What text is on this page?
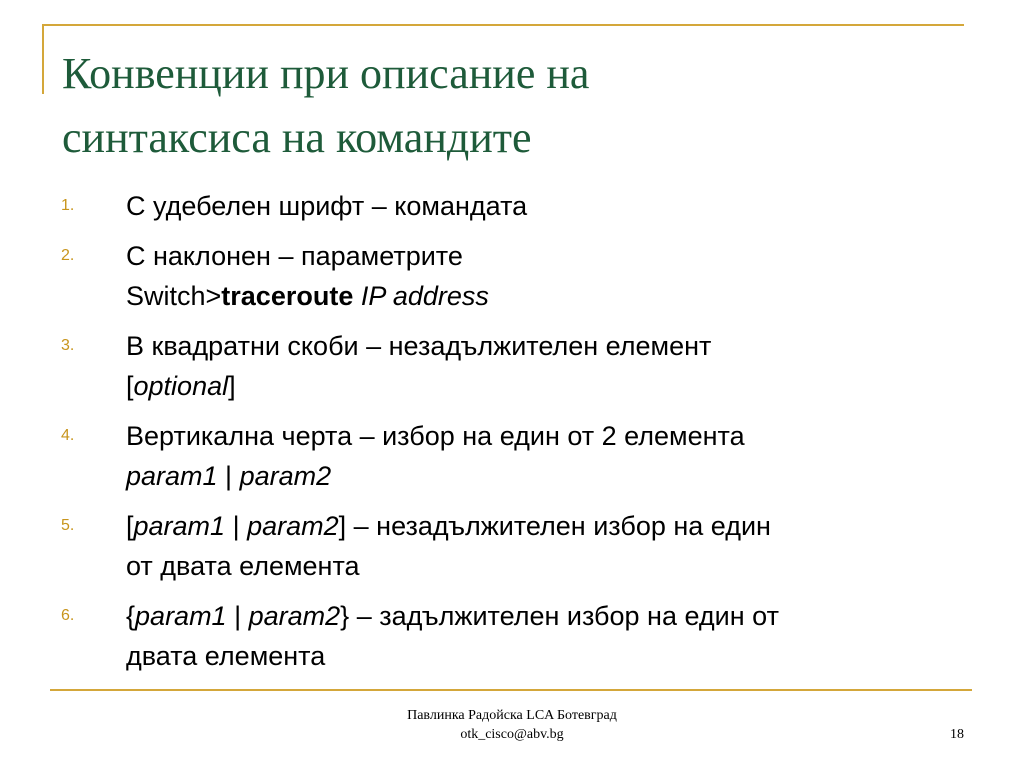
Конвенции при описание на
синтаксиса на командите
1. С удебелен шрифт – командата
2. С наклонен – параметрите
Switch>traceroute IP address
3. В квадратни скоби – незадължителен елемент
[optional]
4. Вертикална черта – избор на един от 2 елемента
param1 | param2
5. [param1 | param2] – незадължителен избор на един
от двата елемента
6. {param1 | param2} – задължителен избор на един от
двата елемента
Павлинка Радойска LCA Ботевград
otk_cisco@abv.bg	18
